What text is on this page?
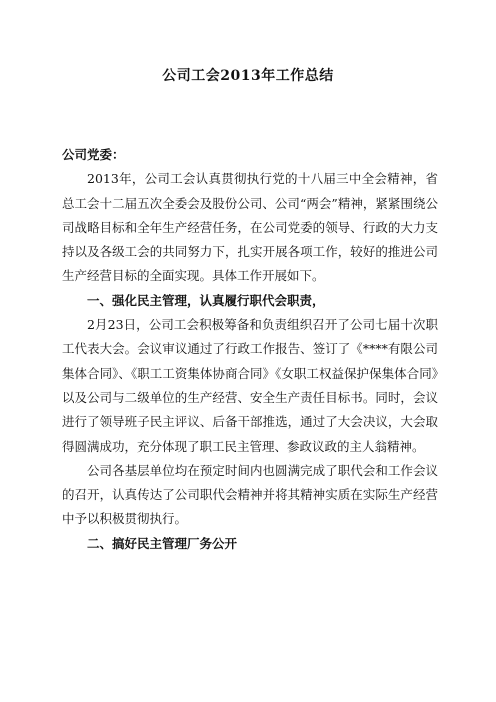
公司工会2013年工作总结

公司党委：

2013年，公司工会认真贯彻执行党的十八届三中全会精神，省总工会十二届五次全委会及股份公司、公司“两会”精神，紧紧围绕公司战略目标和全年生产经营任务，在公司党委的领导、行政的大力支持以及各级工会的共同努力下，扎实开展各项工作，较好的推进公司生产经营目标的全面实现。具体工作开展如下。

一、强化民主管理，认真履行职代会职责，

2月23日，公司工会积极筹备和负责组织召开了公司七届十次职工代表大会。会议审议通过了行政工作报告、签订了《****有限公司集体合同》、《职工工资集体协商合同》《女职工权益保护保集体合同》以及公司与二级单位的生产经营、安全生产责任目标书。同时，会议进行了领导班子民主评议、后备干部推选，通过了大会决议，大会取得圆满成功，充分体现了职工民主管理、参政议政的主人翁精神。

公司各基层单位均在预定时间内也圆满完成了职代会和工作会议的召开，认真传达了公司职代会精神并将其精神实质在实际生产经营中予以积极贯彻执行。

二、搞好民主管理厂务公开
